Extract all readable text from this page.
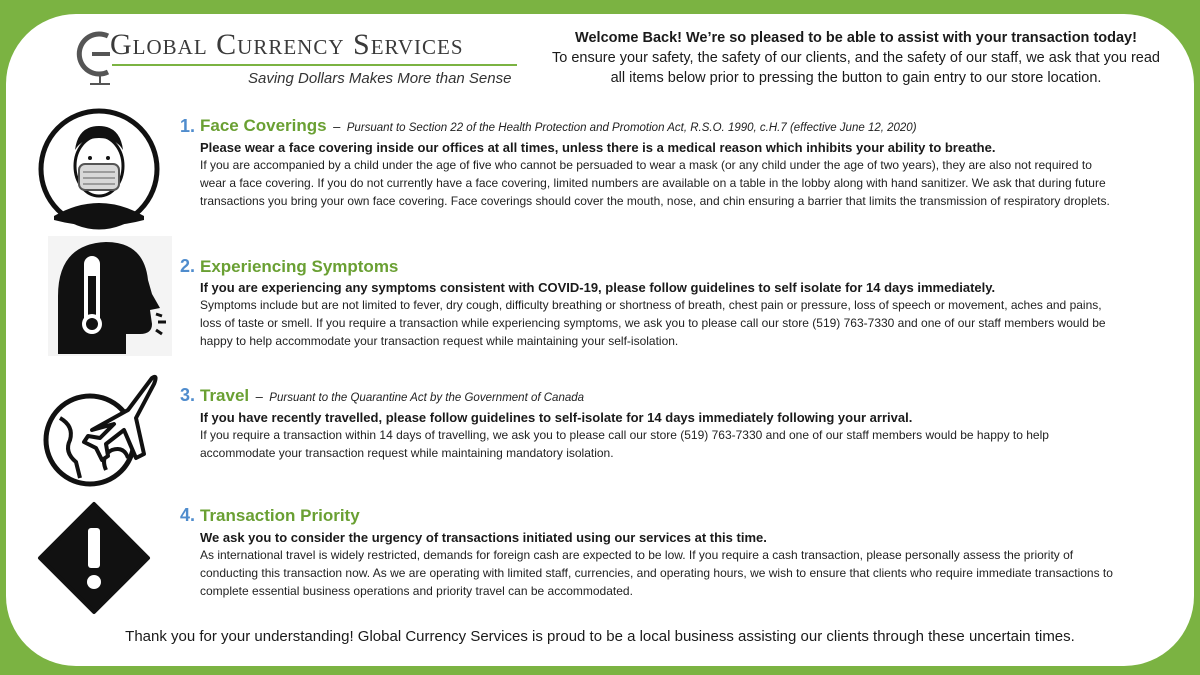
Global Currency Services
Saving Dollars Makes More than Sense
Welcome Back! We’re so pleased to be able to assist with your transaction today!
To ensure your safety, the safety of our clients, and the safety of our staff, we ask that you read all items below prior to pressing the button to gain entry to our store location.
1. Face Coverings – Pursuant to Section 22 of the Health Protection and Promotion Act, R.S.O. 1990, c.H.7 (effective June 12, 2020)
Please wear a face covering inside our offices at all times, unless there is a medical reason which inhibits your ability to breathe.
If you are accompanied by a child under the age of five who cannot be persuaded to wear a mask (or any child under the age of two years), they are also not required to wear a face covering. If you do not currently have a face covering, limited numbers are available on a table in the lobby along with hand sanitizer. We ask that during future transactions you bring your own face covering. Face coverings should cover the mouth, nose, and chin ensuring a barrier that limits the transmission of respiratory droplets.
2. Experiencing Symptoms
If you are experiencing any symptoms consistent with COVID-19, please follow guidelines to self isolate for 14 days immediately.
Symptoms include but are not limited to fever, dry cough, difficulty breathing or shortness of breath, chest pain or pressure, loss of speech or movement, aches and pains, loss of taste or smell. If you require a transaction while experiencing symptoms, we ask you to please call our store (519) 763-7330 and one of our staff members would be happy to help accommodate your transaction request while maintaining your self-isolation.
3. Travel – Pursuant to the Quarantine Act by the Government of Canada
If you have recently travelled, please follow guidelines to self-isolate for 14 days immediately following your arrival.
If you require a transaction within 14 days of travelling, we ask you to please call our store (519) 763-7330 and one of our staff members would be happy to help accommodate your transaction request while maintaining mandatory isolation.
4. Transaction Priority
We ask you to consider the urgency of transactions initiated using our services at this time.
As international travel is widely restricted, demands for foreign cash are expected to be low. If you require a cash transaction, please personally assess the priority of conducting this transaction now. As we are operating with limited staff, currencies, and operating hours, we wish to ensure that clients who require immediate transactions to complete essential business operations and priority travel can be accommodated.
Thank you for your understanding! Global Currency Services is proud to be a local business assisting our clients through these uncertain times.
